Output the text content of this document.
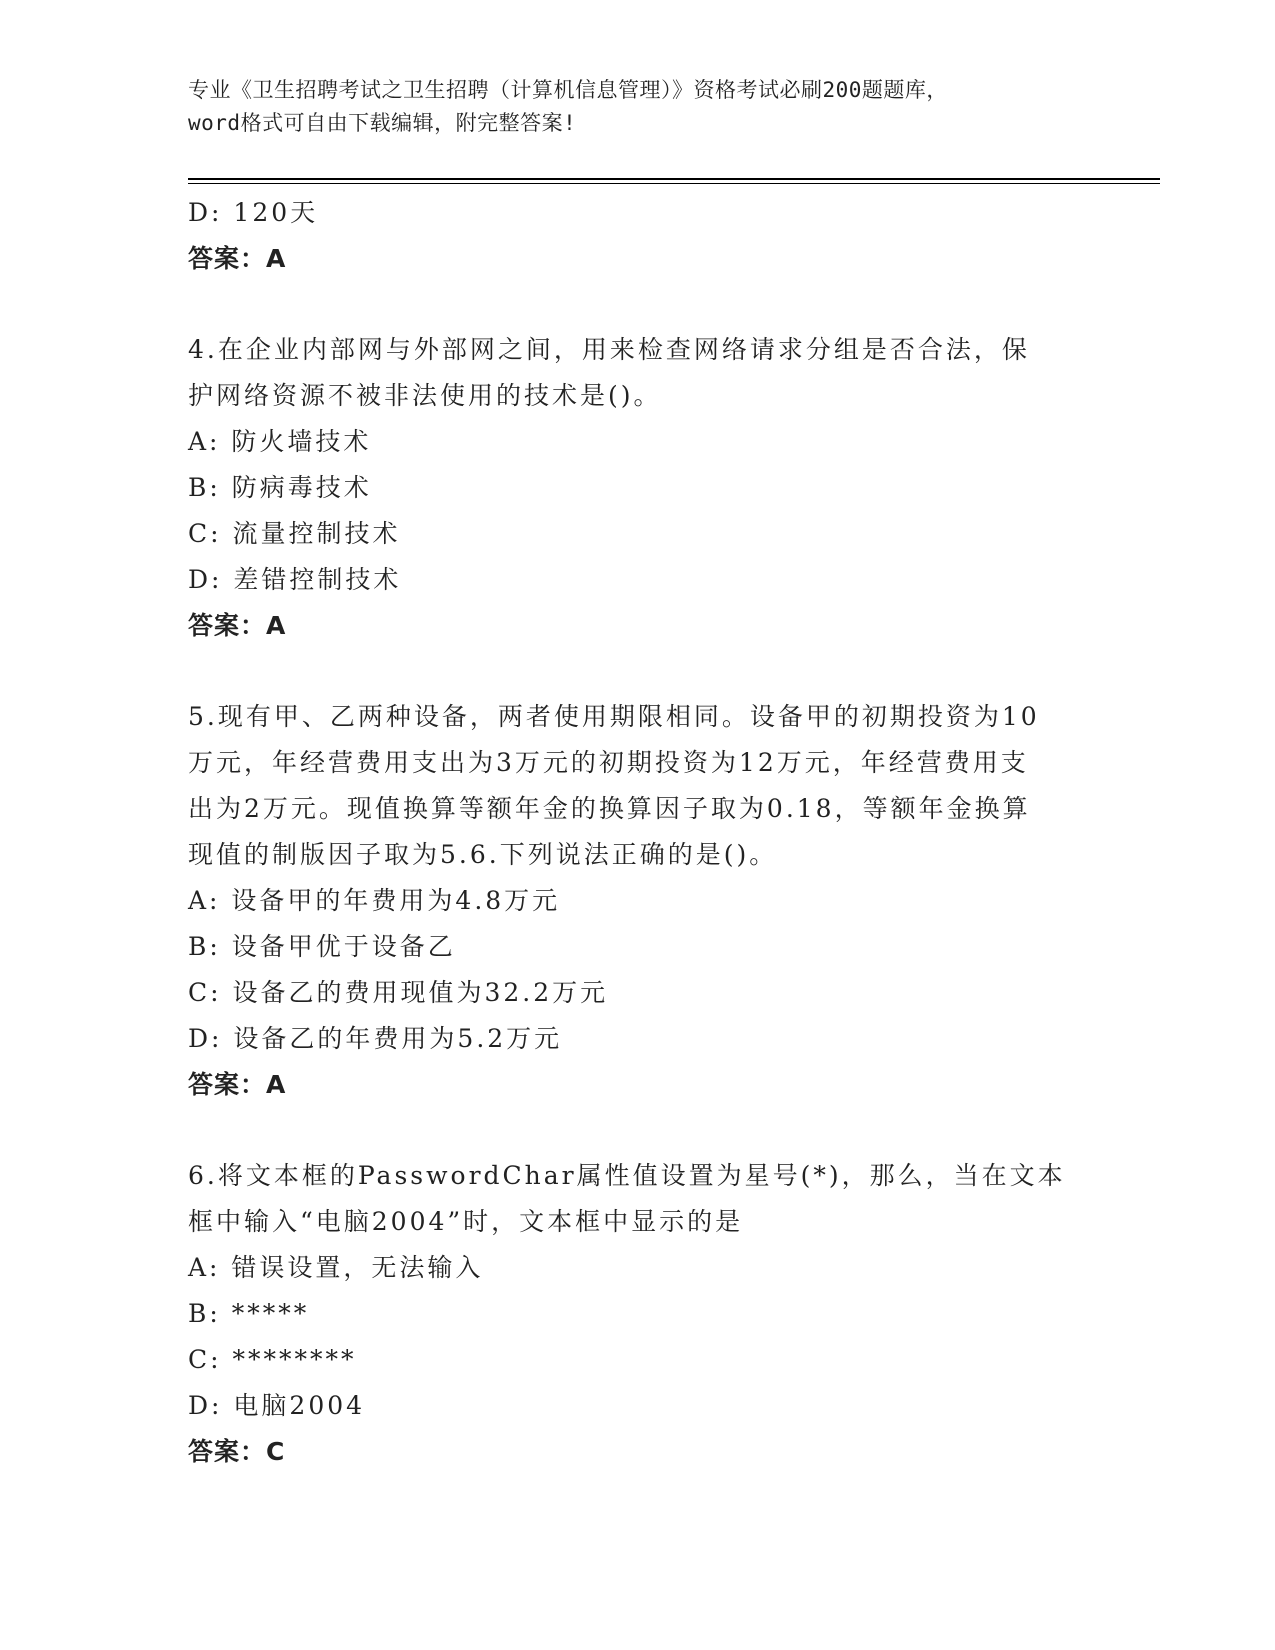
专业《卫生招聘考试之卫生招聘（计算机信息管理）》资格考试必刷200题题库，
word格式可自由下载编辑，附完整答案!
D: 120天
答案：A
4.在企业内部网与外部网之间，用来检查网络请求分组是否合法，保
护网络资源不被非法使用的技术是()。
A: 防火墙技术
B: 防病毒技术
C: 流量控制技术
D: 差错控制技术
答案：A
5.现有甲、乙两种设备，两者使用期限相同。设备甲的初期投资为10
万元，年经营费用支出为3万元的初期投资为12万元，年经营费用支
出为2万元。现值换算等额年金的换算因子取为0.18，等额年金换算
现值的制版因子取为5.6.下列说法正确的是()。
A: 设备甲的年费用为4.8万元
B: 设备甲优于设备乙
C: 设备乙的费用现值为32.2万元
D: 设备乙的年费用为5.2万元
答案：A
6.将文本框的PasswordChar属性值设置为星号(*)，那么，当在文本
框中输入“电脑2004”时，文本框中显示的是
A: 错误设置，无法输入
B: *****
C: ********
D: 电脑2004
答案：C
